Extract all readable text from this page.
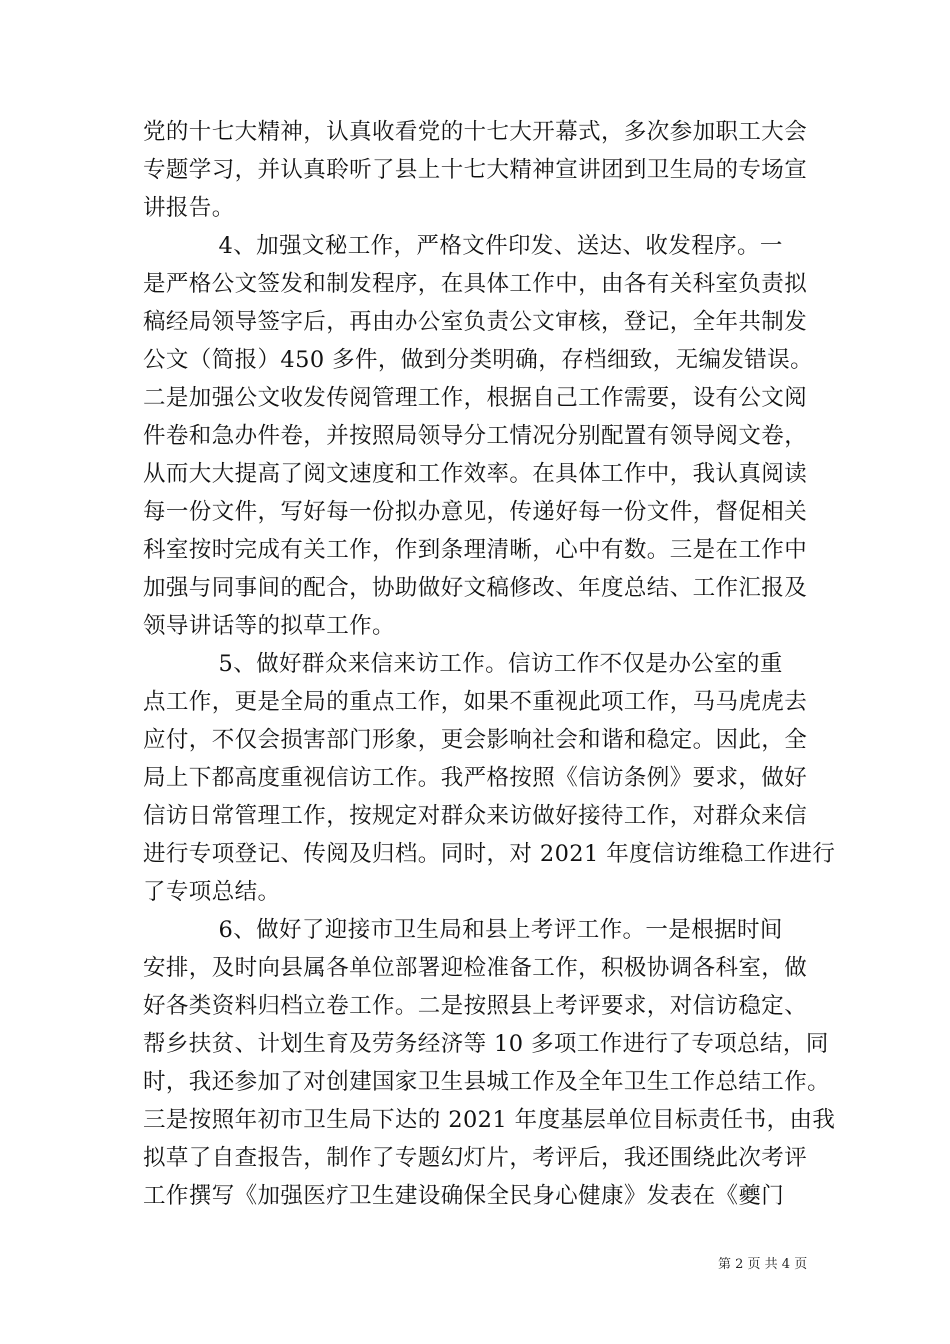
党的十七大精神，认真收看党的十七大开幕式，多次参加职工大会
专题学习，并认真聆听了县上十七大精神宣讲团到卫生局的专场宣
讲报告。
4、加强文秘工作，严格文件印发、送达、收发程序。一
是严格公文签发和制发程序，在具体工作中，由各有关科室负责拟
稿经局领导签字后，再由办公室负责公文审核，登记，全年共制发
公文（简报）450 多件，做到分类明确，存档细致，无编发错误。
二是加强公文收发传阅管理工作，根据自己工作需要，设有公文阅
件卷和急办件卷，并按照局领导分工情况分别配置有领导阅文卷，
从而大大提高了阅文速度和工作效率。在具体工作中，我认真阅读
每一份文件，写好每一份拟办意见，传递好每一份文件，督促相关
科室按时完成有关工作，作到条理清晰，心中有数。三是在工作中
加强与同事间的配合，协助做好文稿修改、年度总结、工作汇报及
领导讲话等的拟草工作。
5、做好群众来信来访工作。信访工作不仅是办公室的重
点工作，更是全局的重点工作，如果不重视此项工作，马马虎虎去
应付，不仅会损害部门形象，更会影响社会和谐和稳定。因此，全
局上下都高度重视信访工作。我严格按照《信访条例》要求，做好
信访日常管理工作，按规定对群众来访做好接待工作，对群众来信
进行专项登记、传阅及归档。同时，对 2021 年度信访维稳工作进行
了专项总结。
6、做好了迎接市卫生局和县上考评工作。一是根据时间
安排，及时向县属各单位部署迎检准备工作，积极协调各科室，做
好各类资料归档立卷工作。二是按照县上考评要求，对信访稳定、
帮乡扶贫、计划生育及劳务经济等 10 多项工作进行了专项总结，同
时，我还参加了对创建国家卫生县城工作及全年卫生工作总结工作。
三是按照年初市卫生局下达的 2021 年度基层单位目标责任书，由我
拟草了自查报告，制作了专题幻灯片，考评后，我还围绕此次考评
工作撰写《加强医疗卫生建设确保全民身心健康》发表在《夔门
第 2 页 共 4 页
